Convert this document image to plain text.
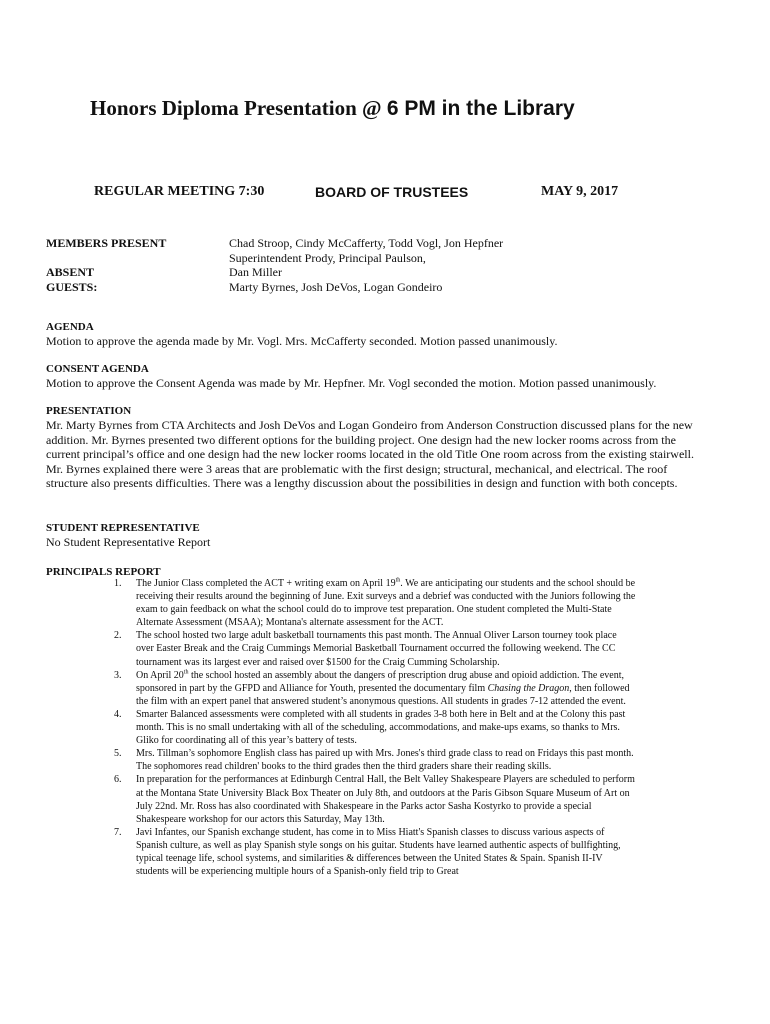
Honors Diploma Presentation @ 6 PM in the Library
REGULAR MEETING 7:30	BOARD OF TRUSTEES	MAY 9, 2017
MEMBERS PRESENT	Chad Stroop, Cindy McCafferty, Todd Vogl, Jon Hepfner
Superintendent Prody, Principal Paulson,
ABSENT	Dan Miller
GUESTS:	Marty Byrnes, Josh DeVos, Logan Gondeiro
AGENDA

Motion to approve the agenda made by Mr. Vogl. Mrs. McCafferty seconded. Motion passed unanimously.

CONSENT AGENDA

Motion to approve the Consent Agenda was made by Mr. Hepfner. Mr. Vogl seconded the motion. Motion passed unanimously.

PRESENTATION

Mr. Marty Byrnes from CTA Architects and Josh DeVos and Logan Gondeiro from Anderson Construction discussed plans for the new addition. Mr. Byrnes presented two different options for the building project. One design had the new locker rooms across from the current principal’s office and one design had the new locker rooms located in the old Title One room across from the existing stairwell. Mr. Byrnes explained there were 3 areas that are problematic with the first design; structural, mechanical, and electrical. The roof structure also presents difficulties. There was a lengthy discussion about the possibilities in design and function with both concepts.

STUDENT REPRESENTATIVE

No Student Representative Report

PRINCIPALS REPORT
1. The Junior Class completed the ACT + writing exam on April 19th. We are anticipating our students and the school should be receiving their results around the beginning of June. Exit surveys and a debrief was conducted with the Juniors following the exam to gain feedback on what the school could do to improve test preparation. One student completed the Multi-State Alternate Assessment (MSAA); Montana's alternate assessment for the ACT.
2. The school hosted two large adult basketball tournaments this past month. The Annual Oliver Larson tourney took place over Easter Break and the Craig Cummings Memorial Basketball Tournament occurred the following weekend. The CC tournament was its largest ever and raised over $1500 for the Craig Cumming Scholarship.
3. On April 20th the school hosted an assembly about the dangers of prescription drug abuse and opioid addiction. The event, sponsored in part by the GFPD and Alliance for Youth, presented the documentary film Chasing the Dragon, then followed the film with an expert panel that answered student’s anonymous questions. All students in grades 7-12 attended the event.
4. Smarter Balanced assessments were completed with all students in grades 3-8 both here in Belt and at the Colony this past month. This is no small undertaking with all of the scheduling, accommodations, and make-ups exams, so thanks to Mrs. Gliko for coordinating all of this year’s battery of tests.
5. Mrs. Tillman’s sophomore English class has paired up with Mrs. Jones's third grade class to read on Fridays this past month. The sophomores read children' books to the third grades then the third graders share their reading skills.
6. In preparation for the performances at Edinburgh Central Hall, the Belt Valley Shakespeare Players are scheduled to perform at the Montana State University Black Box Theater on July 8th, and outdoors at the Paris Gibson Square Museum of Art on July 22nd. Mr. Ross has also coordinated with Shakespeare in the Parks actor Sasha Kostyrko to provide a special Shakespeare workshop for our actors this Saturday, May 13th.
7. Javi Infantes, our Spanish exchange student, has come in to Miss Hiatt's Spanish classes to discuss various aspects of Spanish culture, as well as play Spanish style songs on his guitar. Students have learned authentic aspects of bullfighting, typical teenage life, school systems, and similarities & differences between the United States & Spain. Spanish II-IV students will be experiencing multiple hours of a Spanish-only field trip to Great
